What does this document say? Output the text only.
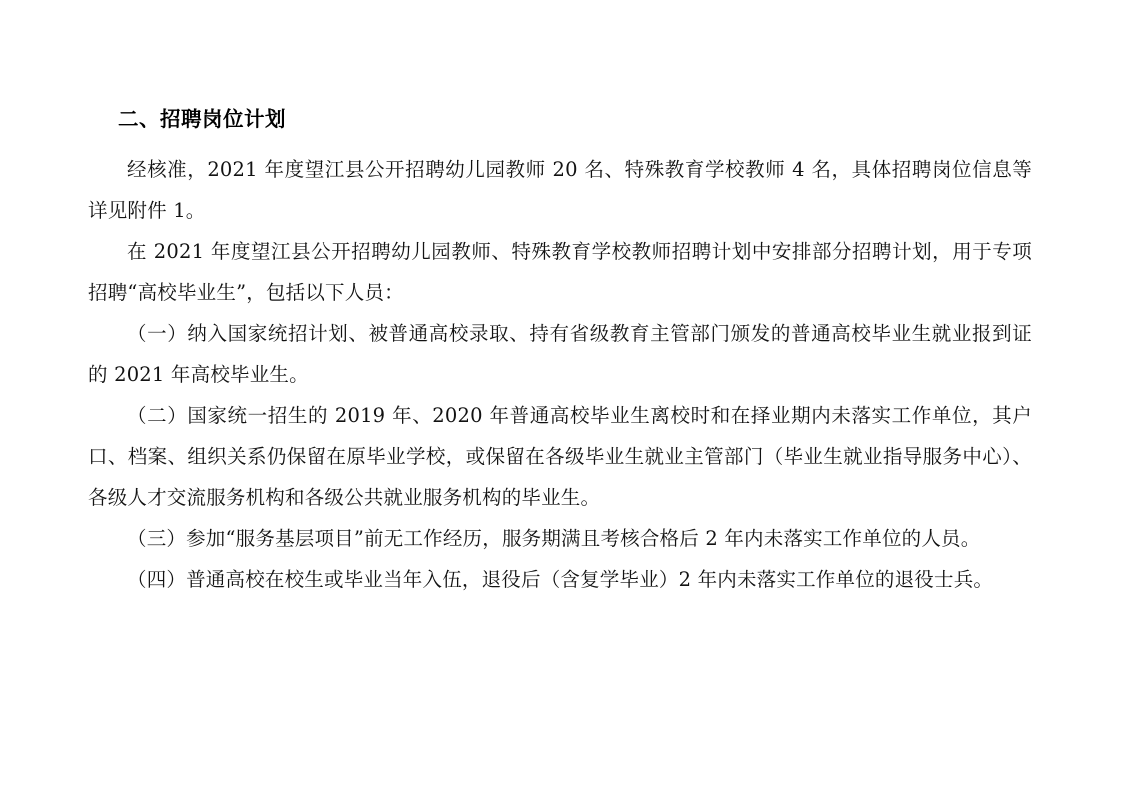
二、招聘岗位计划

经核准，2021 年度望江县公开招聘幼儿园教师 20 名、特殊教育学校教师 4 名，具体招聘岗位信息等详见附件 1。

在 2021 年度望江县公开招聘幼儿园教师、特殊教育学校教师招聘计划中安排部分招聘计划，用于专项招聘“高校毕业生”，包括以下人员：

（一）纳入国家统招计划、被普通高校录取、持有省级教育主管部门颁发的普通高校毕业生就业报到证的 2021 年高校毕业生。

（二）国家统一招生的 2019 年、2020 年普通高校毕业生离校时和在择业期内未落实工作单位，其户口、档案、组织关系仍保留在原毕业学校，或保留在各级毕业生就业主管部门（毕业生就业指导服务中心）、各级人才交流服务机构和各级公共就业服务机构的毕业生。

（三）参加“服务基层项目”前无工作经历，服务期满且考核合格后 2 年内未落实工作单位的人员。

（四）普通高校在校生或毕业当年入伍，退役后（含复学毕业）2 年内未落实工作单位的退役士兵。
